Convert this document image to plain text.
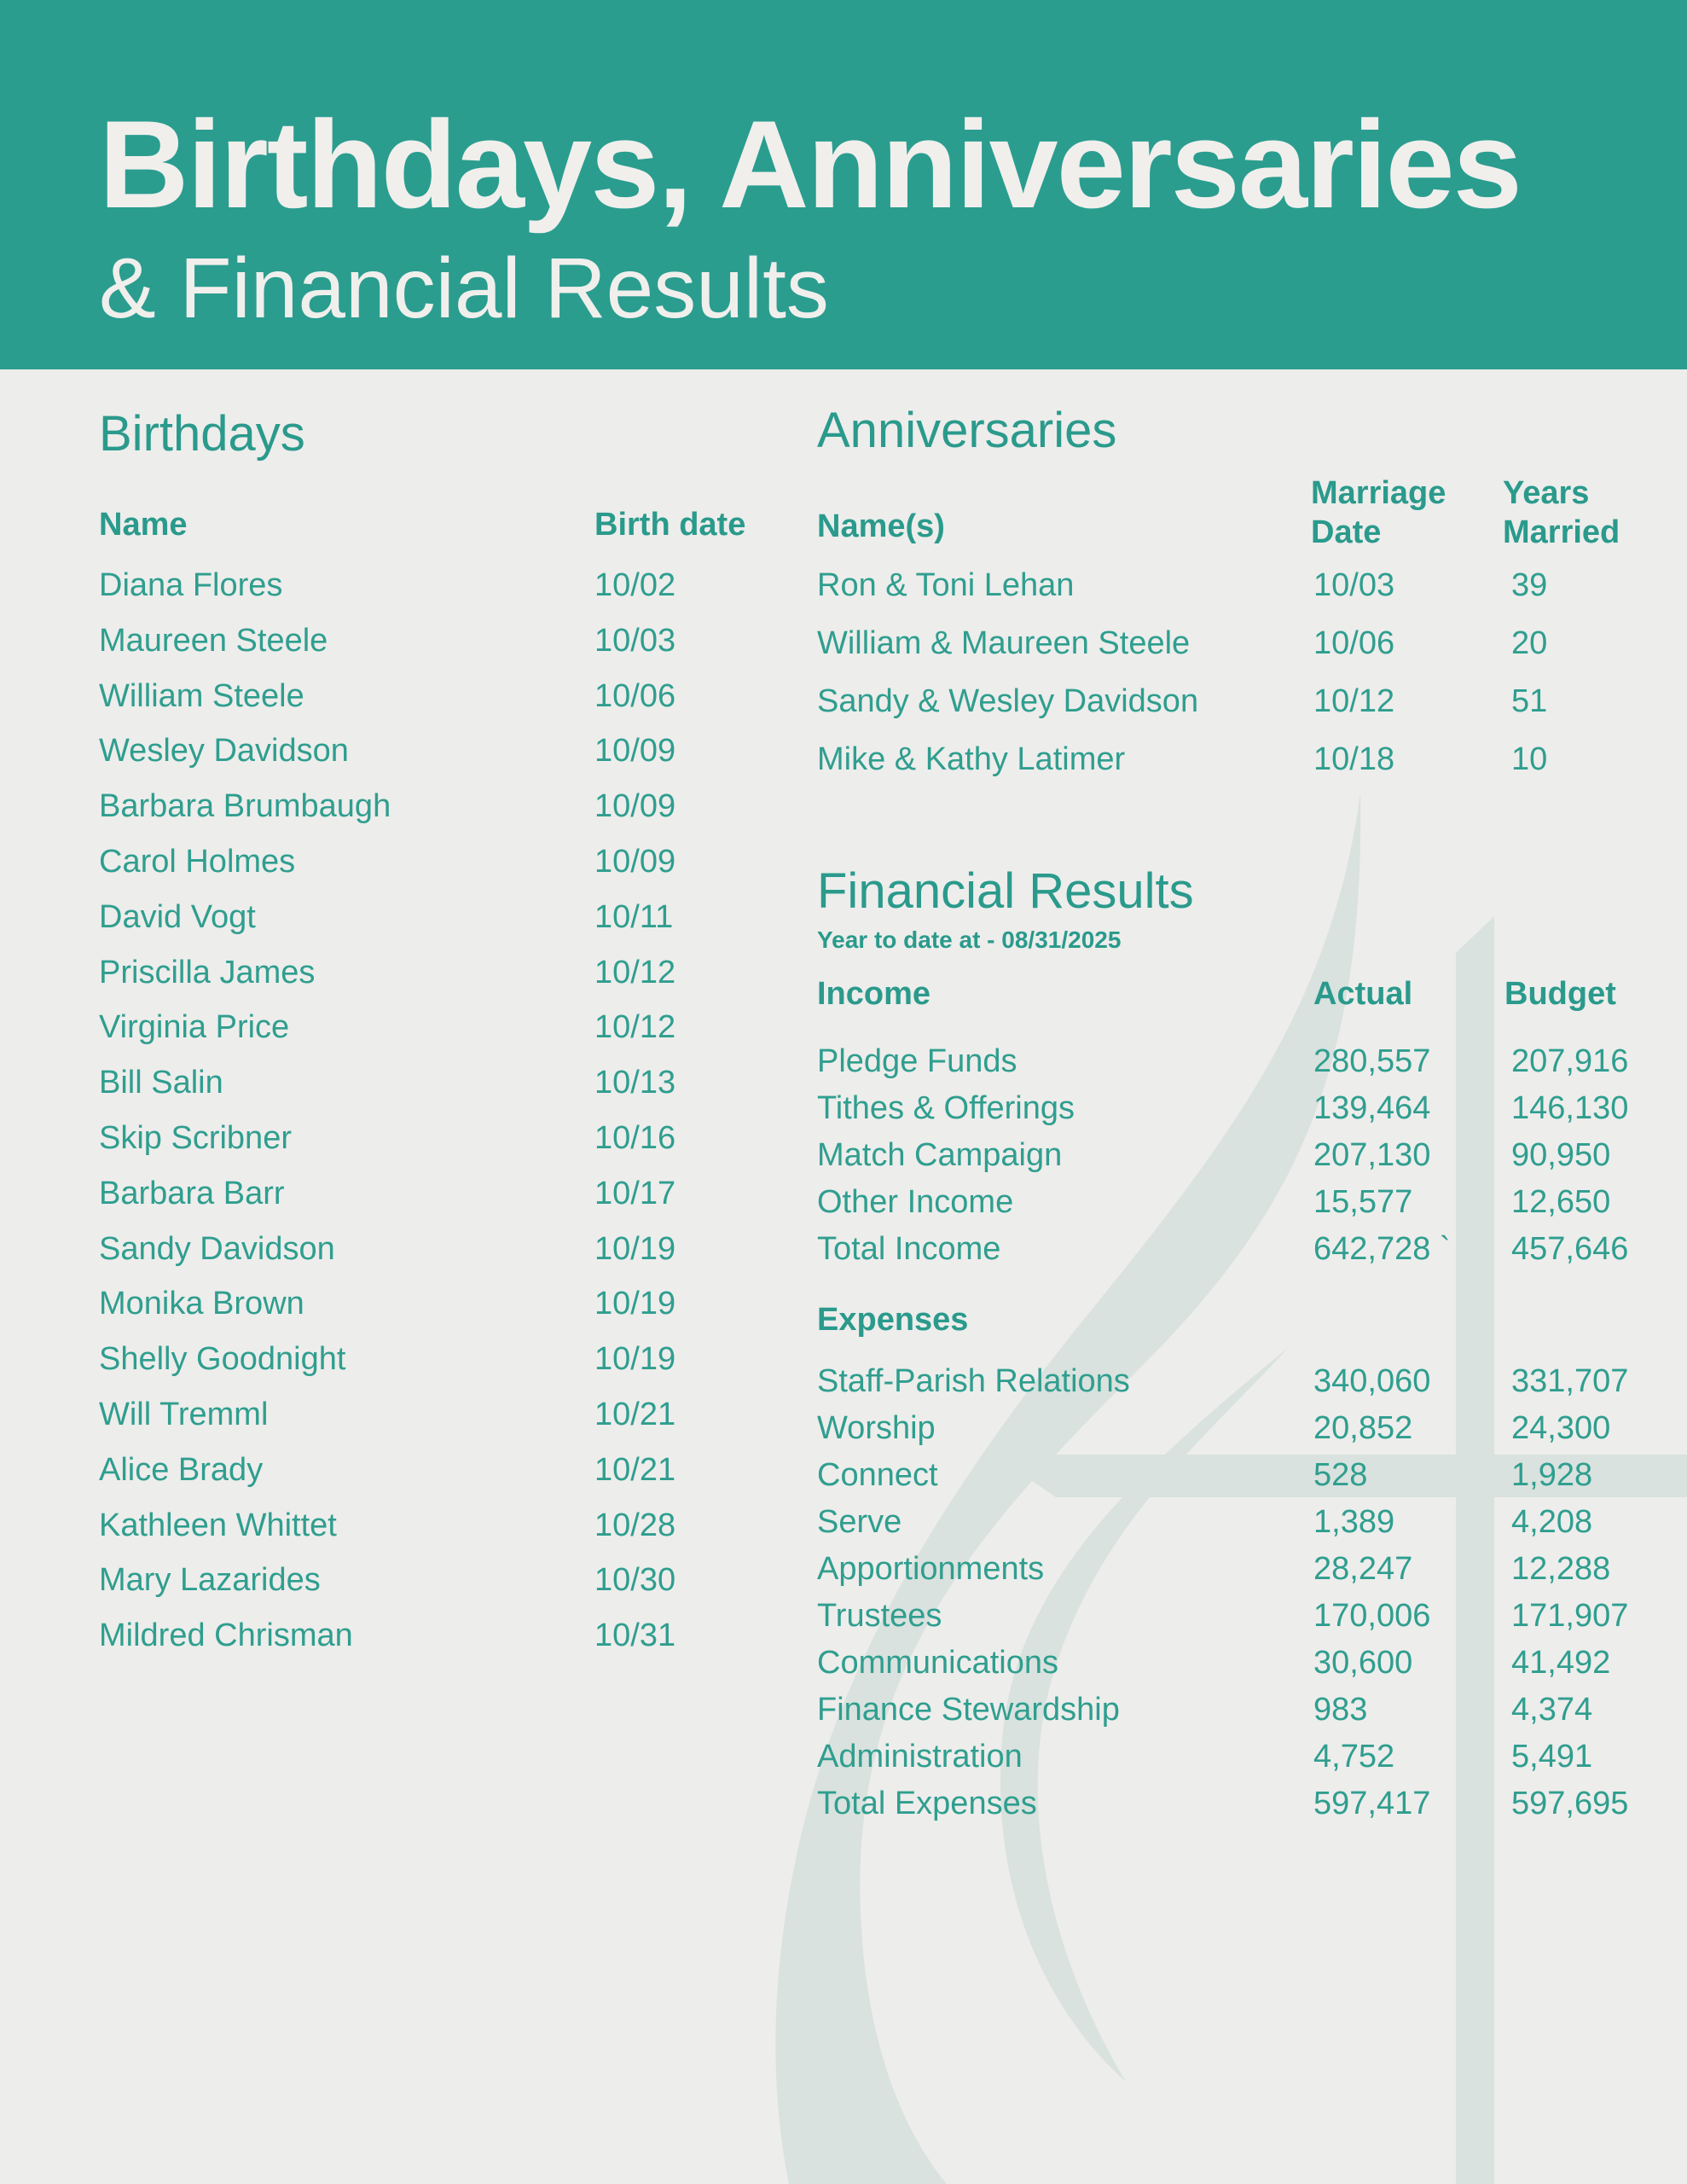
Birthdays, Anniversaries
& Financial Results
Birthdays
Name	Birth date
Diana Flores	10/02
Maureen Steele	10/03
William Steele	10/06
Wesley Davidson	10/09
Barbara Brumbaugh	10/09
Carol Holmes	10/09
David Vogt	10/11
Priscilla James	10/12
Virginia Price	10/12
Bill Salin	10/13
Skip Scribner	10/16
Barbara Barr	10/17
Sandy Davidson	10/19
Monika Brown	10/19
Shelly Goodnight	10/19
Will Tremml	10/21
Alice Brady	10/21
Kathleen Whittet	10/28
Mary Lazarides	10/30
Mildred Chrisman	10/31
Anniversaries
Name(s)
Marriage
Date
Years
Married
Ron & Toni Lehan	10/03	39
William & Maureen Steele	10/06	20
Sandy & Wesley Davidson	10/12	51
Mike & Kathy Latimer	10/18	10
Financial Results
Year to date at - 08/31/2025
Income	Actual	Budget
Pledge Funds	280,557 207,916
Tithes & Offerings	139,464 146,130
Match Campaign	207,130 90,950
Other Income	15,577	12,650
Total Income	642,728 ` 457,646
Expenses
Staff-Parish Relations	340,060 331,707
Worship	20,852	24,300
Connect	528	1,928
Serve	1,389	4,208
Apportionments	28,247	12,288
Trustees	170,006 171,907
Communications	30,600	41,492
Finance Stewardship	983	4,374
Administration	4,752	5,491
Total Expenses	597,417 597,695
